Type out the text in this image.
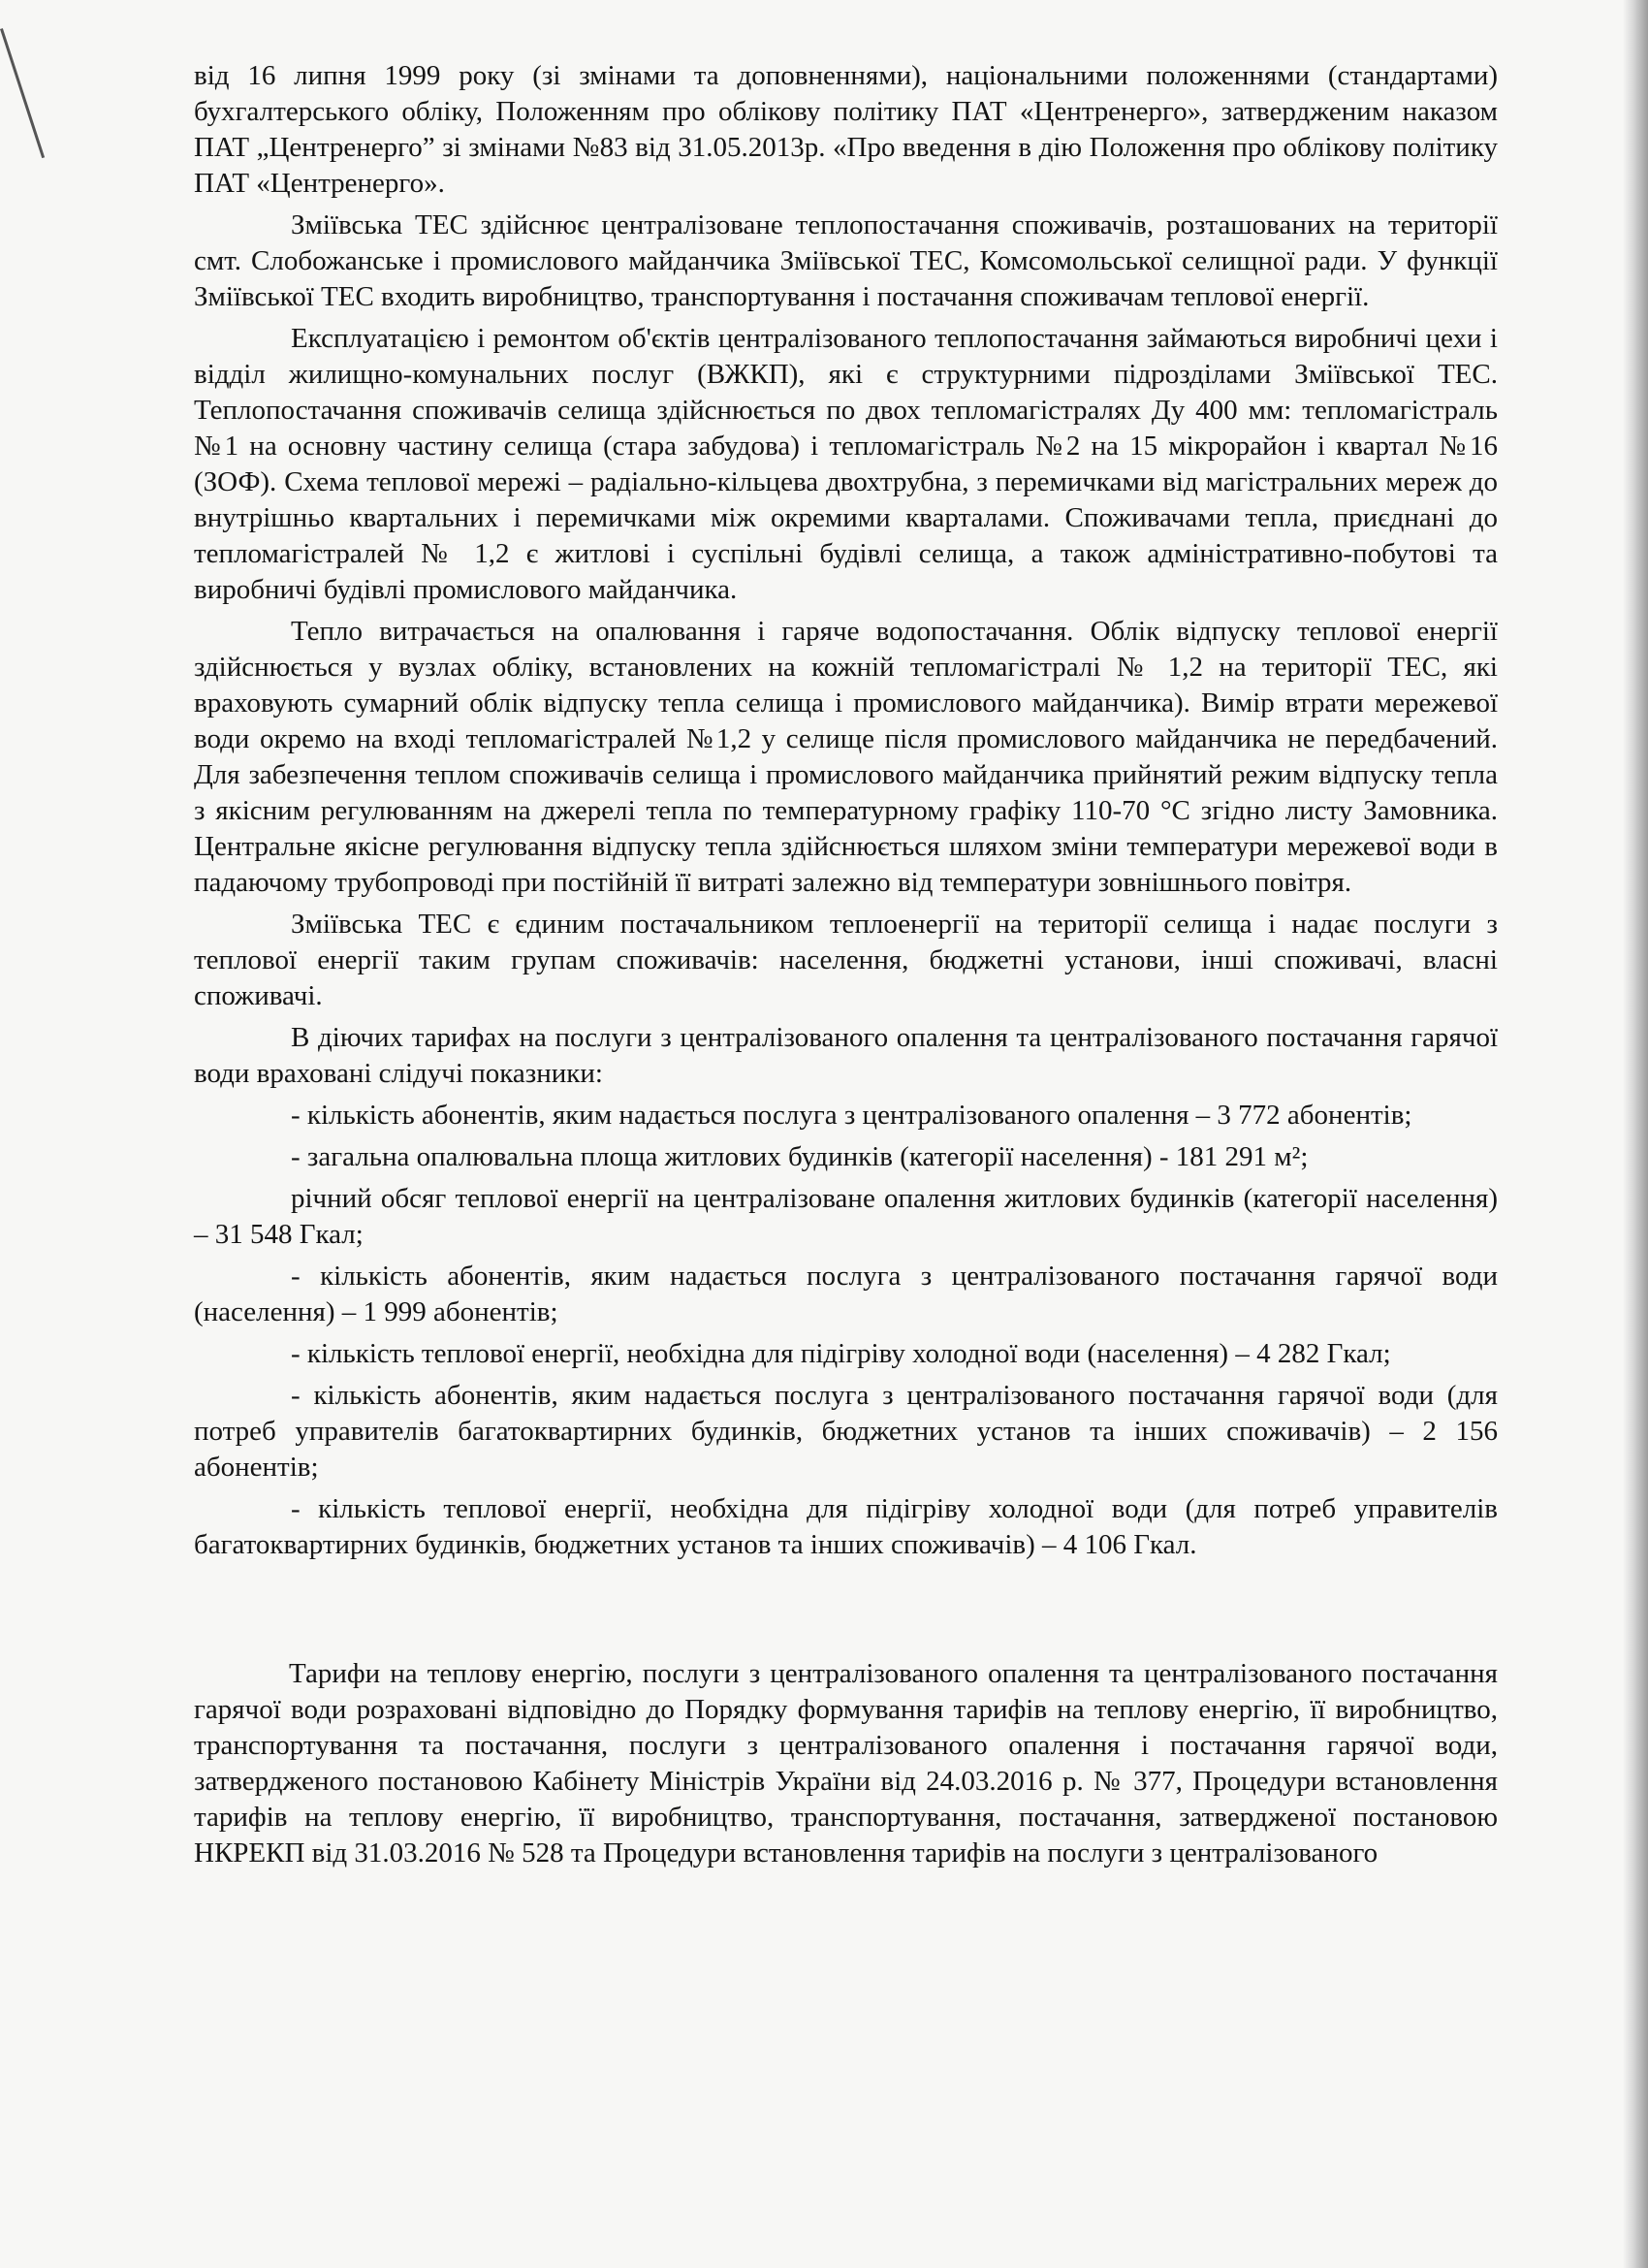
від 16 липня 1999 року (зі змінами та доповненнями), національними положеннями (стандартами) бухгалтерського обліку, Положенням про облікову політику ПАТ «Центренерго», затвердженим наказом ПАТ „Центренерго” зі змінами №83 від 31.05.2013р. «Про введення в дію Положення про облікову політику ПАТ «Центренерго».

Зміївська ТЕС здійснює централізоване теплопостачання споживачів, розташованих на території смт. Слобожанське і промислового майданчика Зміївської ТЕС, Комсомольської селищної ради. У функції Зміївської ТЕС входить виробництво, транспортування і постачання споживачам теплової енергії.

Експлуатацією і ремонтом об'єктів централізованого теплопостачання займаються виробничі цехи і відділ жилищно-комунальних послуг (ВЖКП), які є структурними підрозділами Зміївської ТЕС. Теплопостачання споживачів селища здійснюється по двох тепломагістралях Ду 400 мм: тепломагістраль №1 на основну частину селища (стара забудова) і тепломагістраль №2 на 15 мікрорайон і квартал №16 (ЗОФ). Схема теплової мережі – радіально-кільцева двохтрубна, з перемичками від магістральних мереж до внутрішньо квартальних і перемичками між окремими кварталами. Споживачами тепла, приєднані до тепломагістралей № 1,2 є житлові і суспільні будівлі селища, а також адміністративно-побутові та виробничі будівлі промислового майданчика.

Тепло витрачається на опалювання і гаряче водопостачання. Облік відпуску теплової енергії здійснюється у вузлах обліку, встановлених на кожній тепломагістралі № 1,2 на території ТЕС, які враховують сумарний облік відпуску тепла селища і промислового майданчика). Вимір втрати мережевої води окремо на вході тепломагістралей №1,2 у селище після промислового майданчика не передбачений. Для забезпечення теплом споживачів селища і промислового майданчика прийнятий режим відпуску тепла з якісним регулюванням на джерелі тепла по температурному графіку 110-70 °С згідно листу Замовника. Центральне якісне регулювання відпуску тепла здійснюється шляхом зміни температури мережевої води в падаючому трубопроводі при постійній її витраті залежно від температури зовнішнього повітря.

Зміївська ТЕС є єдиним постачальником теплоенергії на території селища і надає послуги з теплової енергії таким групам споживачів: населення, бюджетні установи, інші споживачі, власні споживачі.

В діючих тарифах на послуги з централізованого опалення та централізованого постачання гарячої води враховані слідучі показники:

- кількість абонентів, яким надається послуга з централізованого опалення – 3 772 абонентів;

- загальна опалювальна площа житлових будинків (категорії населення) - 181 291 м²;

річний обсяг теплової енергії на централізоване опалення житлових будинків (категорії населення) – 31 548 Гкал;

- кількість абонентів, яким надається послуга з централізованого постачання гарячої води (населення) – 1 999 абонентів;

- кількість теплової енергії, необхідна для підігріву холодної води (населення) – 4 282 Гкал;

- кількість абонентів, яким надається послуга з централізованого постачання гарячої води (для потреб управителів багатоквартирних будинків, бюджетних установ та інших споживачів) – 2 156 абонентів;

- кількість теплової енергії, необхідна для підігріву холодної води (для потреб управителів багатоквартирних будинків, бюджетних установ та інших споживачів) – 4 106 Гкал.

Тарифи на теплову енергію, послуги з централізованого опалення та централізованого постачання гарячої води розраховані відповідно до Порядку формування тарифів на теплову енергію, її виробництво, транспортування та постачання, послуги з централізованого опалення і постачання гарячої води, затвердженого постановою Кабінету Міністрів України від 24.03.2016 р. № 377, Процедури встановлення тарифів на теплову енергію, її виробництво, транспортування, постачання, затвердженої постановою НКРЕКП від 31.03.2016 № 528 та Процедури встановлення тарифів на послуги з централізованого
